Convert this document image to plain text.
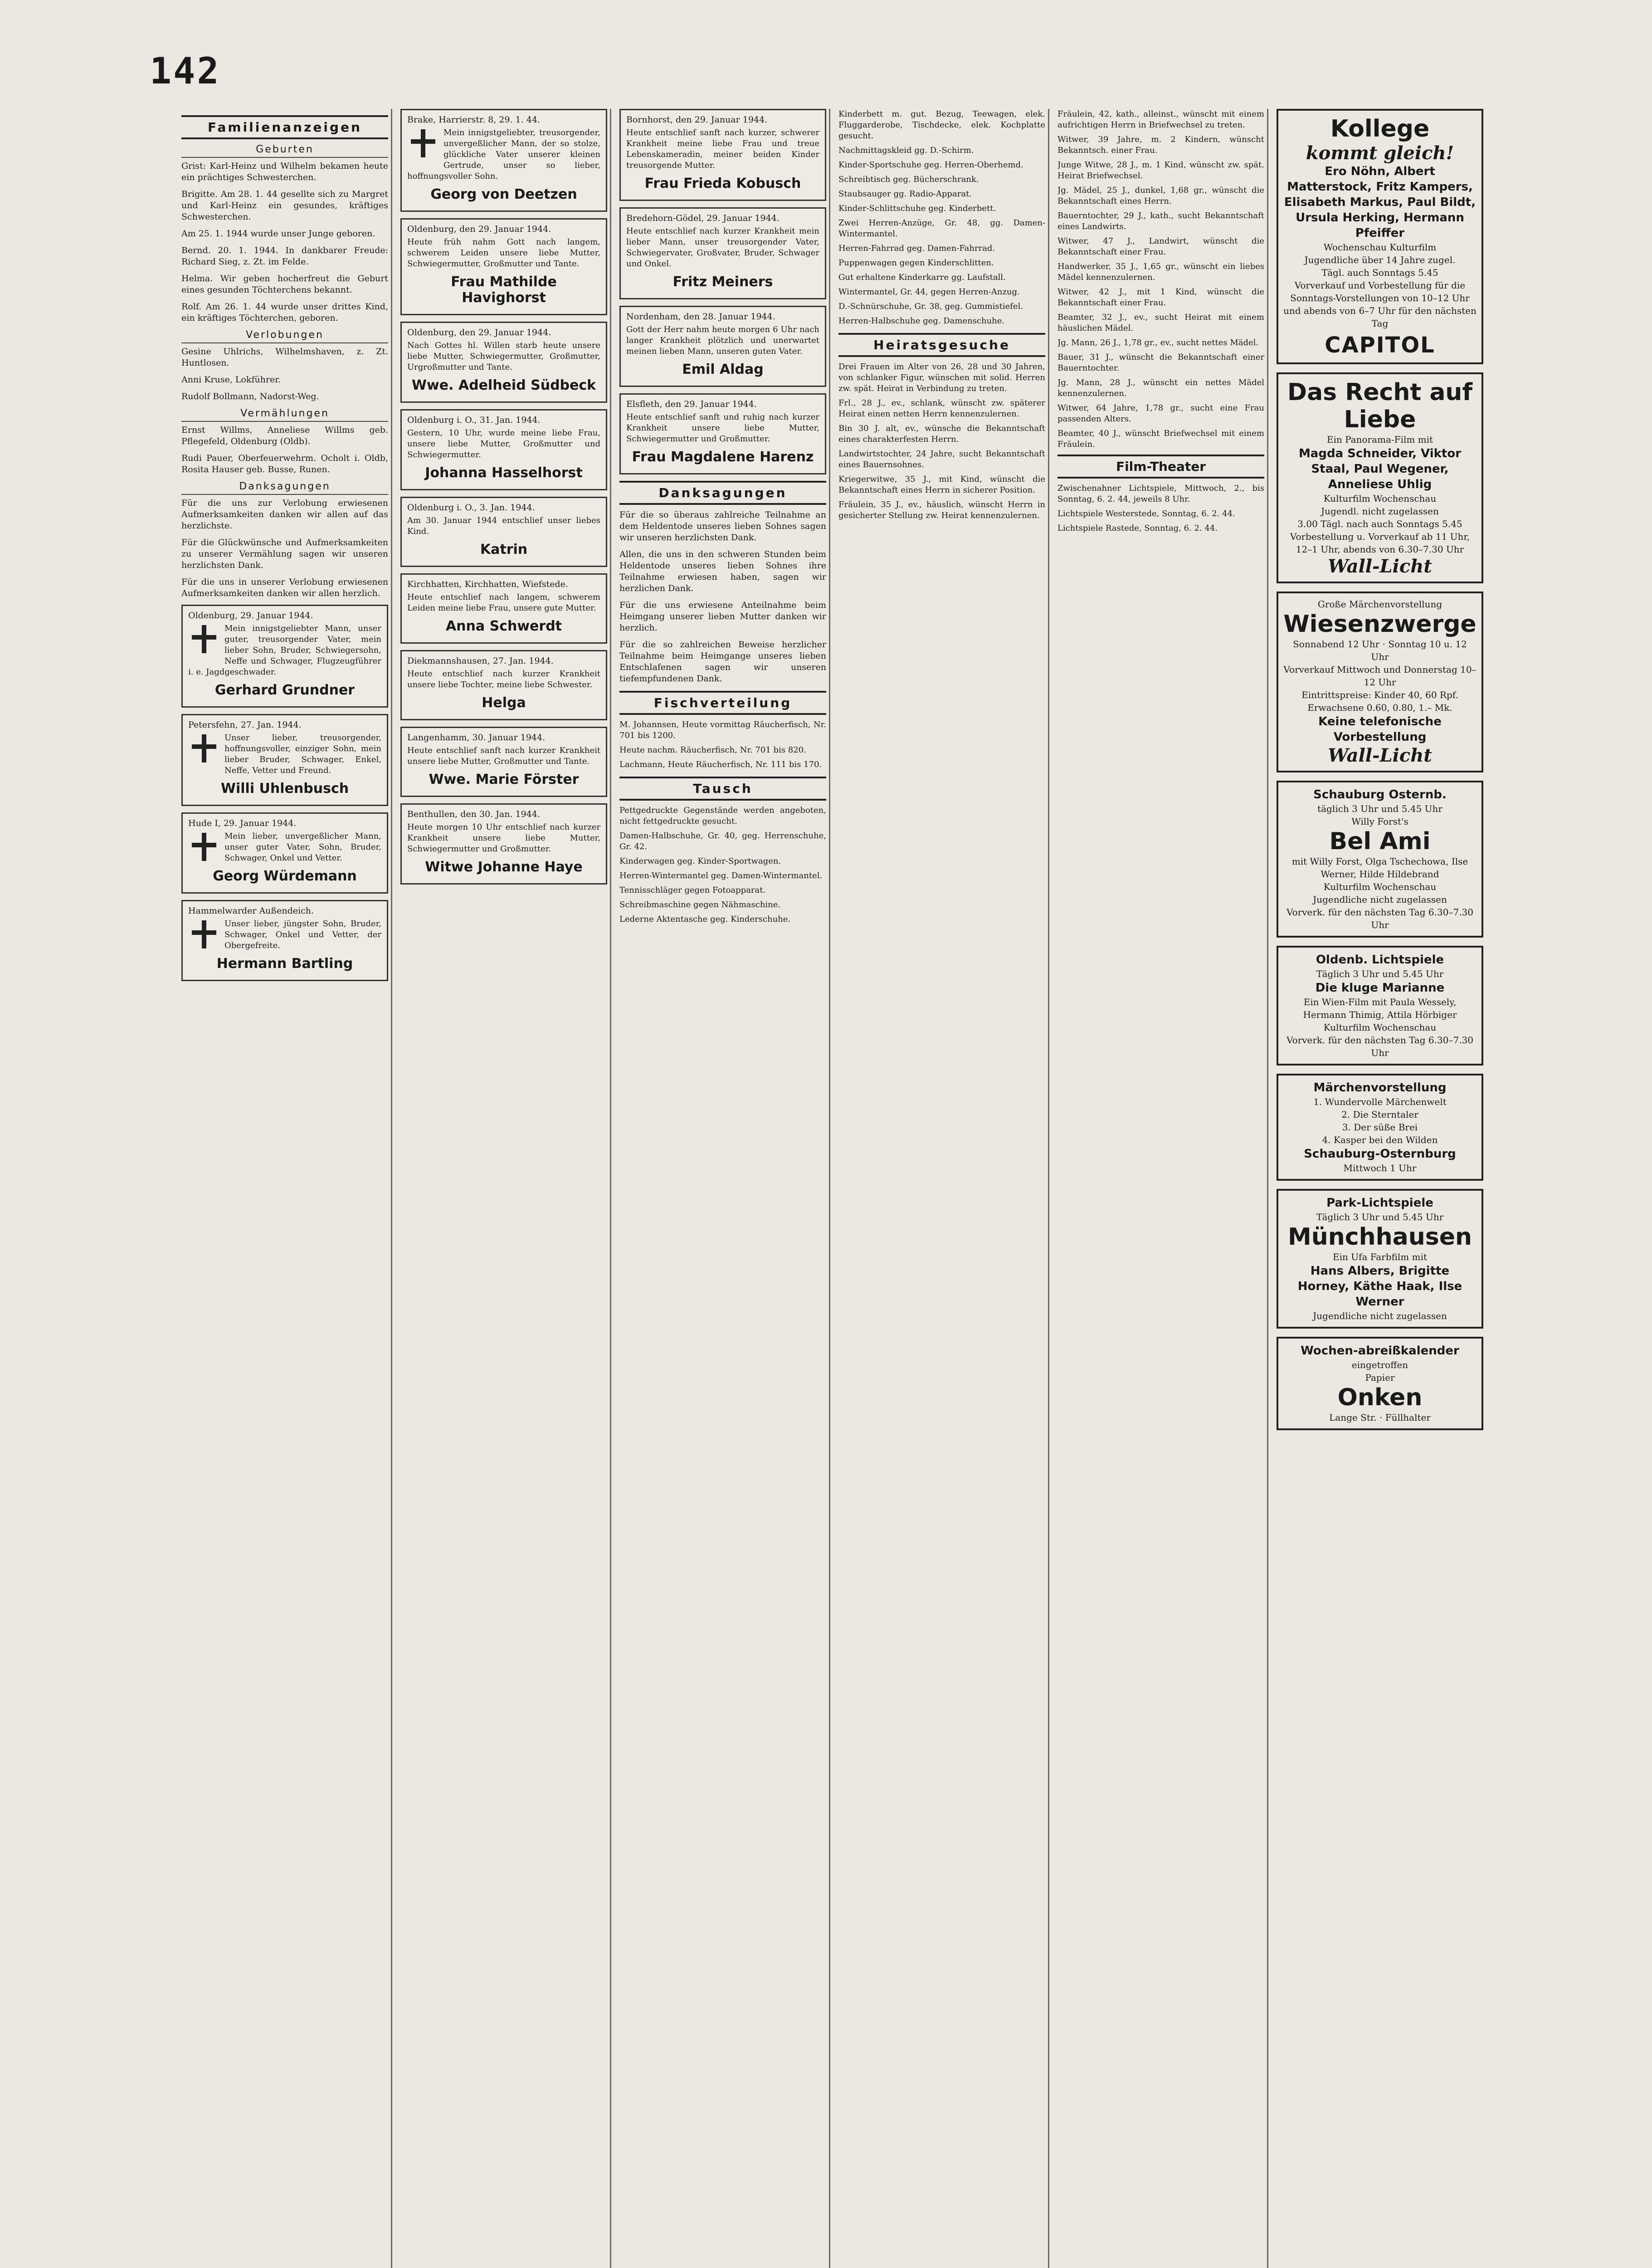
142
Familienanzeigen
Geburten
Grist: Karl-Heinz und Wilhelm bekamen heute ein prächtiges Schwesterchen.
Brigitte. Am 28. 1. 44 gesellte sich zu Margret und Karl-Heinz ein gesundes, kräftiges Schwesterchen.
Am 25. 1. 1944 wurde unser Junge geboren.
Bernd. 20. 1. 1944. In dankbarer Freude: Richard Sieg, z. Zt. im Felde.
Helma. Wir geben hocherfreut die Geburt eines gesunden Töchterchens bekannt.
Rolf. Am 26. 1. 44 wurde unser drittes Kind, ein kräftiges Töchterchen, geboren.
Verlobungen
Gesine Uhlrichs, Wilhelmshaven, z. Zt. Huntlosen.
Anni Kruse, Lokführer.
Rudolf Bollmann, Nadorst-Weg.
Vermählungen
Ernst Willms, Anneliese Willms geb. Pflegefeld, Oldenburg (Oldb).
Rudi Pauer, Oberfeuerwehrm. Ocholt i. Oldb, Rosita Hauser geb. Busse, Runen.
Danksagungen
Für die uns zur Verlobung erwiesenen Aufmerksamkeiten danken wir allen auf das herzlichste.
Für die Glückwünsche und Aufmerksamkeiten zu unserer Vermählung sagen wir unseren herzlichsten Dank.
Für die uns in unserer Verlobung erwiesenen Aufmerksamkeiten danken wir allen herzlich.
Oldenburg, 29. Januar 1944.
Mein innigstgeliebter Mann, unser guter, treusorgender Vater, mein lieber Sohn, Bruder, Schwiegersohn, Neffe und Schwager, Flugzeugführer i. e. Jagdgeschwader.
Gerhard Grundner
Petersfehn, 27. Jan. 1944.
Unser lieber, treusorgender, hoffnungsvoller, einziger Sohn, mein lieber Bruder, Schwager, Enkel, Neffe, Vetter und Freund.
Willi Uhlenbusch
Hude I, 29. Januar 1944.
Mein lieber, unvergeßlicher Mann, unser guter Vater, Sohn, Bruder, Schwager, Onkel und Vetter.
Georg Würdemann
Hammelwarder Außendeich.
Unser lieber, jüngster Sohn, Bruder, Schwager, Onkel und Vetter, der Obergefreite.
Hermann Bartling
Brake, Harrierstr. 8, 29. 1. 44.
Mein innigstgeliebter, treusorgender, unvergeßlicher Mann, der so stolze, glückliche Vater unserer kleinen Gertrude, unser so lieber, hoffnungsvoller Sohn.
Georg von Deetzen
Oldenburg, den 29. Januar 1944.
Heute früh nahm Gott nach langem, schwerem Leiden unsere liebe Mutter, Schwiegermutter, Großmutter und Tante.
Frau Mathilde Havighorst
Oldenburg, den 29. Januar 1944.
Nach Gottes hl. Willen starb heute unsere liebe Mutter, Schwiegermutter, Großmutter, Urgroßmutter und Tante.
Wwe. Adelheid Südbeck
Oldenburg i. O., 31. Jan. 1944.
Gestern, 10 Uhr, wurde meine liebe Frau, unsere liebe Mutter, Großmutter und Schwiegermutter.
Johanna Hasselhorst
Oldenburg i. O., 3. Jan. 1944.
Am 30. Januar 1944 entschlief unser liebes Kind.
Katrin
Kirchhatten, Kirchhatten, Wiefstede.
Heute entschlief nach langem, schwerem Leiden meine liebe Frau, unsere gute Mutter.
Anna Schwerdt
Diekmannshausen, 27. Jan. 1944.
Heute entschlief nach kurzer Krankheit unsere liebe Tochter, meine liebe Schwester.
Helga
Langenhamm, 30. Januar 1944.
Heute entschlief sanft nach kurzer Krankheit unsere liebe Mutter, Großmutter und Tante.
Wwe. Marie Förster
Benthullen, den 30. Jan. 1944.
Heute morgen 10 Uhr entschlief nach kurzer Krankheit unsere liebe Mutter, Schwiegermutter und Großmutter.
Witwe Johanne Haye
Bornhorst, den 29. Januar 1944.
Heute entschlief sanft nach kurzer, schwerer Krankheit meine liebe Frau und treue Lebenskameradin, meiner beiden Kinder treusorgende Mutter.
Frau Frieda Kobusch
Bredehorn-Gödel, 29. Januar 1944.
Heute entschlief nach kurzer Krankheit mein lieber Mann, unser treusorgender Vater, Schwiegervater, Großvater, Bruder, Schwager und Onkel.
Fritz Meiners
Nordenham, den 28. Januar 1944.
Gott der Herr nahm heute morgen 6 Uhr nach langer Krankheit plötzlich und unerwartet meinen lieben Mann, unseren guten Vater.
Emil Aldag
Elsfleth, den 29. Januar 1944.
Heute entschlief sanft und ruhig nach kurzer Krankheit unsere liebe Mutter, Schwiegermutter und Großmutter.
Frau Magdalene Harenz
Danksagungen
Für die so überaus zahlreiche Teilnahme an dem Heldentode unseres lieben Sohnes sagen wir unseren herzlichsten Dank.
Allen, die uns in den schweren Stunden beim Heldentode unseres lieben Sohnes ihre Teilnahme erwiesen haben, sagen wir herzlichen Dank.
Für die uns erwiesene Anteilnahme beim Heimgang unserer lieben Mutter danken wir herzlich.
Für die so zahlreichen Beweise herzlicher Teilnahme beim Heimgange unseres lieben Entschlafenen sagen wir unseren tiefempfundenen Dank.
Fischverteilung
M. Johannsen, Heute vormittag Räucherfisch, Nr. 701 bis 1200.
Heute nachm. Räucherfisch, Nr. 701 bis 820.
Lachmann, Heute Räucherfisch, Nr. 111 bis 170.
Tausch
Pettgedruckte Gegenstände werden angeboten, nicht fettgedruckte gesucht.
Damen-Halbschuhe, Gr. 40, geg. Herrenschuhe, Gr. 42.
Kinderwagen geg. Kinder-Sportwagen.
Herren-Wintermantel geg. Damen-Wintermantel.
Tennisschläger gegen Fotoapparat.
Schreibmaschine gegen Nähmaschine.
Lederne Aktentasche geg. Kinderschuhe.
Kinderbett m. gut. Bezug, Teewagen, elek. Fluggarderobe, Tischdecke, elek. Kochplatte gesucht.
Nachmittagskleid gg. D.-Schirm.
Kinder-Sportschuhe geg. Herren-Oberhemd.
Schreibtisch geg. Bücherschrank.
Staubsauger gg. Radio-Apparat.
Kinder-Schlittschuhe geg. Kinderbett.
Zwei Herren-Anzüge, Gr. 48, gg. Damen-Wintermantel.
Herren-Fahrrad geg. Damen-Fahrrad.
Puppenwagen gegen Kinderschlitten.
Gut erhaltene Kinderkarre gg. Laufstall.
Wintermantel, Gr. 44, gegen Herren-Anzug.
D.-Schnürschuhe, Gr. 38, geg. Gummistiefel.
Herren-Halbschuhe geg. Damenschuhe.
Heiratsgesuche
Drei Frauen im Alter von 26, 28 und 30 Jahren, von schlanker Figur, wünschen mit solid. Herren zw. spät. Heirat in Verbindung zu treten.
Frl., 28 J., ev., schlank, wünscht zw. späterer Heirat einen netten Herrn kennenzulernen.
Bin 30 J. alt, ev., wünsche die Bekanntschaft eines charakterfesten Herrn.
Landwirtstochter, 24 Jahre, sucht Bekanntschaft eines Bauernsohnes.
Kriegerwitwe, 35 J., mit Kind, wünscht die Bekanntschaft eines Herrn in sicherer Position.
Fräulein, 35 J., ev., häuslich, wünscht Herrn in gesicherter Stellung zw. Heirat kennenzulernen.
Fräulein, 42, kath., alleinst., wünscht mit einem aufrichtigen Herrn in Briefwechsel zu treten.
Witwer, 39 Jahre, m. 2 Kindern, wünscht Bekanntsch. einer Frau.
Junge Witwe, 28 J., m. 1 Kind, wünscht zw. spät. Heirat Briefwechsel.
Jg. Mädel, 25 J., dunkel, 1,68 gr., wünscht die Bekanntschaft eines Herrn.
Bauerntochter, 29 J., kath., sucht Bekanntschaft eines Landwirts.
Witwer, 47 J., Landwirt, wünscht die Bekanntschaft einer Frau.
Handwerker, 35 J., 1,65 gr., wünscht ein liebes Mädel kennenzulernen.
Witwer, 42 J., mit 1 Kind, wünscht die Bekanntschaft einer Frau.
Beamter, 32 J., ev., sucht Heirat mit einem häuslichen Mädel.
Jg. Mann, 26 J., 1,78 gr., ev., sucht nettes Mädel.
Bauer, 31 J., wünscht die Bekanntschaft einer Bauerntochter.
Jg. Mann, 28 J., wünscht ein nettes Mädel kennenzulernen.
Witwer, 64 Jahre, 1,78 gr., sucht eine Frau passenden Alters.
Beamter, 40 J., wünscht Briefwechsel mit einem Fräulein.
Film-Theater
Zwischenahner Lichtspiele, Mittwoch, 2., bis Sonntag, 6. 2. 44, jeweils 8 Uhr.
Lichtspiele Westerstede, Sonntag, 6. 2. 44.
Lichtspiele Rastede, Sonntag, 6. 2. 44.
Kollege
kommt gleich!
Ero Nöhn, Albert Matterstock, Fritz Kampers, Elisabeth Markus, Paul Bildt, Ursula Herking, Hermann Pfeiffer
Wochenschau Kulturfilm
Jugendliche über 14 Jahre zugel.
Tägl. auch Sonntags 5.45
Vorverkauf und Vorbestellung für die Sonntags-Vorstellungen von 10–12 Uhr und abends von 6–7 Uhr für den nächsten Tag
CAPITOL
Das Recht auf Liebe
Ein Panorama-Film mit
Magda Schneider, Viktor Staal, Paul Wegener, Anneliese Uhlig
Kulturfilm Wochenschau
Jugendl. nicht zugelassen
3.00 Tägl. nach auch Sonntags 5.45
Vorbestellung u. Vorverkauf ab 11 Uhr, 12–1 Uhr, abends von 6.30–7.30 Uhr
Wall-Licht
Große Märchenvorstellung
Wiesenzwerge
Sonnabend 12 Uhr · Sonntag 10 u. 12 Uhr
Vorverkauf Mittwoch und Donnerstag 10–12 Uhr
Eintrittspreise: Kinder 40, 60 Rpf. Erwachsene 0.60, 0.80, 1.– Mk.
Keine telefonische Vorbestellung
Wall-Licht
Schauburg Osternb.
täglich 3 Uhr und 5.45 Uhr
Willy Forst's
Bel Ami
mit Willy Forst, Olga Tschechowa, Ilse Werner, Hilde Hildebrand
Kulturfilm Wochenschau
Jugendliche nicht zugelassen
Vorverk. für den nächsten Tag 6.30–7.30 Uhr
Oldenb. Lichtspiele
Täglich 3 Uhr und 5.45 Uhr
Die kluge Marianne
Ein Wien-Film mit Paula Wessely, Hermann Thimig, Attila Hörbiger
Kulturfilm Wochenschau
Vorverk. für den nächsten Tag 6.30–7.30 Uhr
Märchenvorstellung
1. Wundervolle Märchenwelt
2. Die Sterntaler
3. Der süße Brei
4. Kasper bei den Wilden
Schauburg-Osternburg
Mittwoch 1 Uhr
Park-Lichtspiele
Täglich 3 Uhr und 5.45 Uhr
Münchhausen
Ein Ufa Farbfilm mit
Hans Albers, Brigitte Horney, Käthe Haak, Ilse Werner
Jugendliche nicht zugelassen
Wochen-abreißkalender
eingetroffen
Papier
Onken
Lange Str. · Füllhalter
